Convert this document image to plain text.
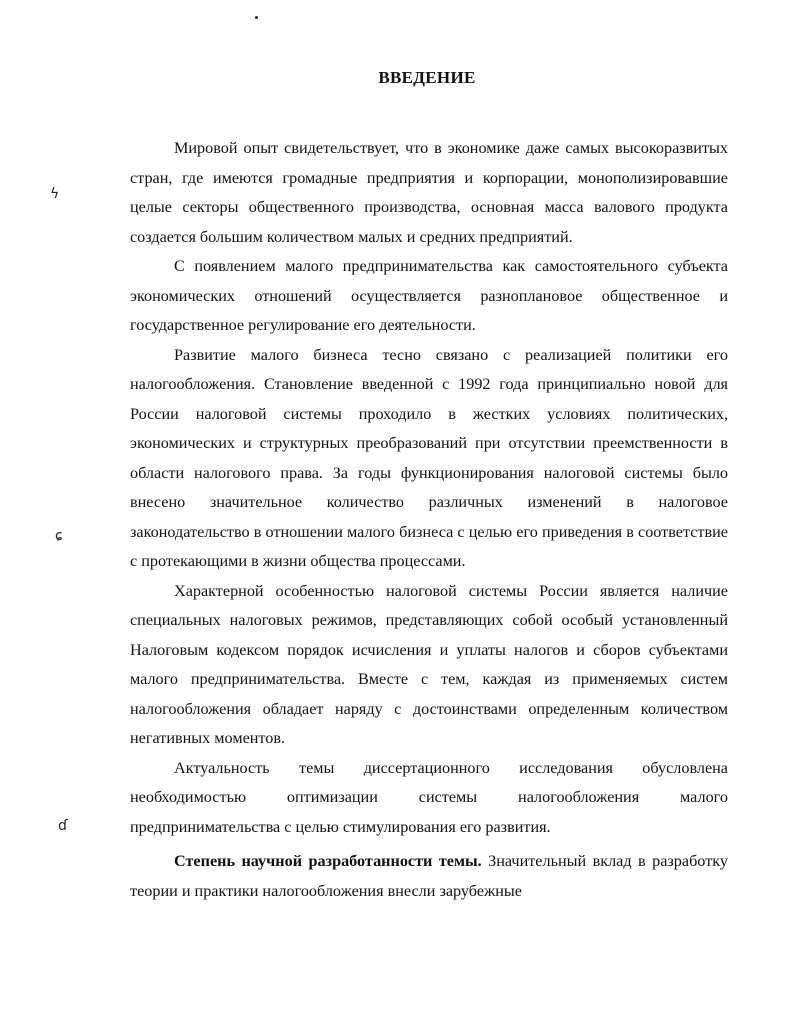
ВВЕДЕНИЕ
ϟ
ɕ
ɗ

Мировой опыт свидетельствует, что в экономике даже самых высокоразвитых стран, где имеются громадные предприятия и корпорации, монополизировавшие целые секторы общественного производства, основная масса валового продукта создается большим количеством малых и средних предприятий.

С появлением малого предпринимательства как самостоятельного субъекта экономических отношений осуществляется разноплановое общественное и государственное регулирование его деятельности.

Развитие малого бизнеса тесно связано с реализацией политики его налогообложения. Становление введенной с 1992 года принципиально новой для России налоговой системы проходило в жестких условиях политических, экономических и структурных преобразований при отсутствии преемственности в области налогового права. За годы функционирования налоговой системы было внесено значительное количество различных изменений в налоговое законодательство в отношении малого бизнеса с целью его приведения в соответствие с протекающими в жизни общества процессами.

Характерной особенностью налоговой системы России является наличие специальных налоговых режимов, представляющих собой особый установленный Налоговым кодексом порядок исчисления и уплаты налогов и сборов субъектами малого предпринимательства. Вместе с тем, каждая из применяемых систем налогообложения обладает наряду с достоинствами определенным количеством негативных моментов.

Актуальность темы диссертационного исследования обусловлена необходимостью оптимизации системы налогообложения малого предпринимательства с целью стимулирования его развития.

Степень научной разработанности темы. Значительный вклад в разработку теории и практики налогообложения внесли зарубежные
